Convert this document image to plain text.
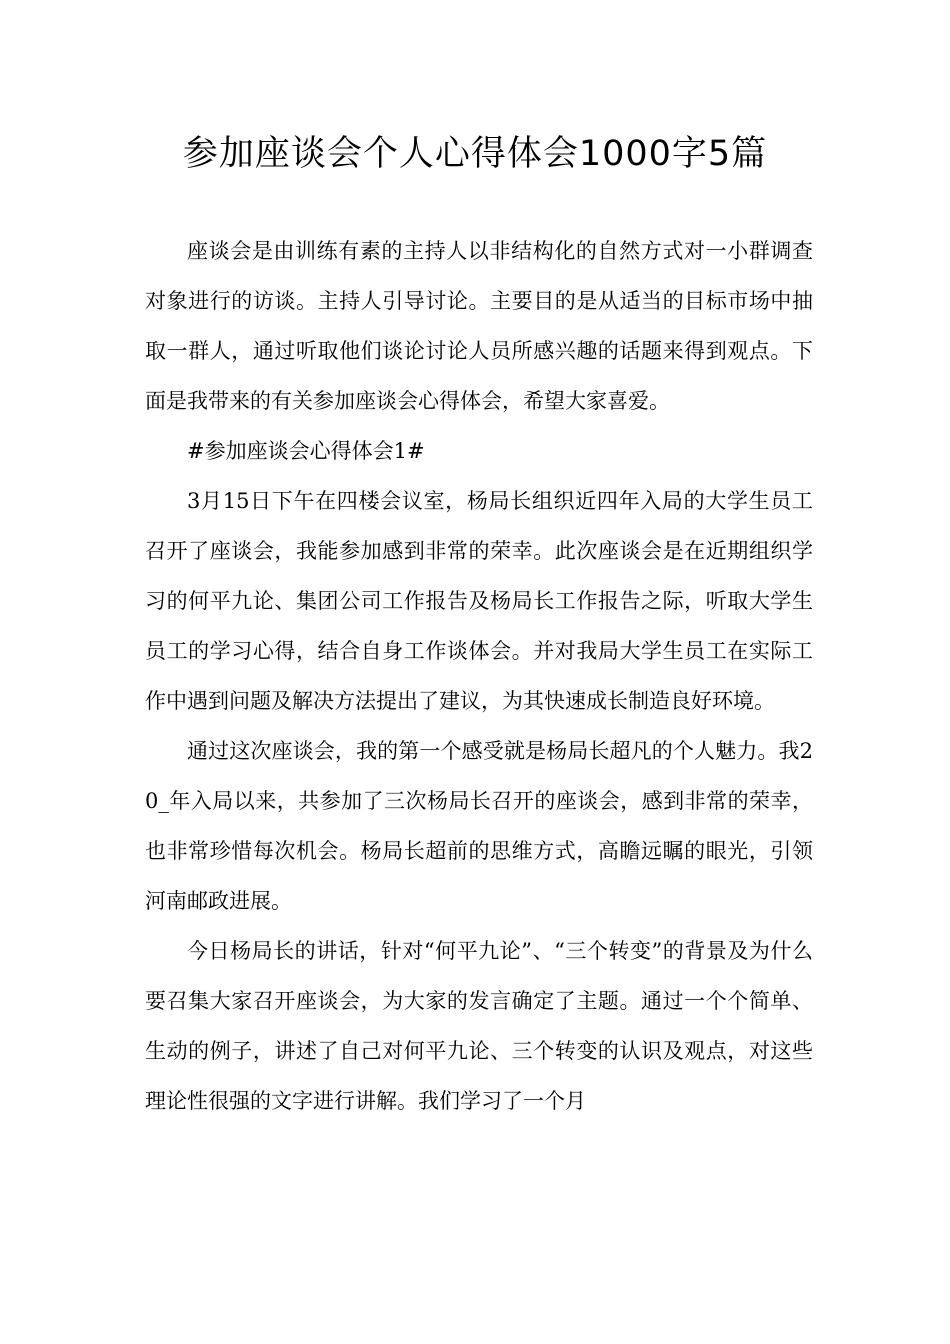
参加座谈会个人心得体会1000字5篇

座谈会是由训练有素的主持人以非结构化的自然方式对一小群调查对象进行的访谈。主持人引导讨论。主要目的是从适当的目标市场中抽取一群人，通过听取他们谈论讨论人员所感兴趣的话题来得到观点。下面是我带来的有关参加座谈会心得体会，希望大家喜爱。

#参加座谈会心得体会1#

3月15日下午在四楼会议室，杨局长组织近四年入局的大学生员工召开了座谈会，我能参加感到非常的荣幸。此次座谈会是在近期组织学习的何平九论、集团公司工作报告及杨局长工作报告之际，听取大学生员工的学习心得，结合自身工作谈体会。并对我局大学生员工在实际工作中遇到问题及解决方法提出了建议，为其快速成长制造良好环境。

通过这次座谈会，我的第一个感受就是杨局长超凡的个人魅力。我20_年入局以来，共参加了三次杨局长召开的座谈会，感到非常的荣幸，也非常珍惜每次机会。杨局长超前的思维方式，高瞻远瞩的眼光，引领河南邮政进展。

今日杨局长的讲话，针对“何平九论”、“三个转变”的背景及为什么要召集大家召开座谈会，为大家的发言确定了主题。通过一个个简单、生动的例子，讲述了自己对何平九论、三个转变的认识及观点，对这些理论性很强的文字进行讲解。我们学习了一个月
